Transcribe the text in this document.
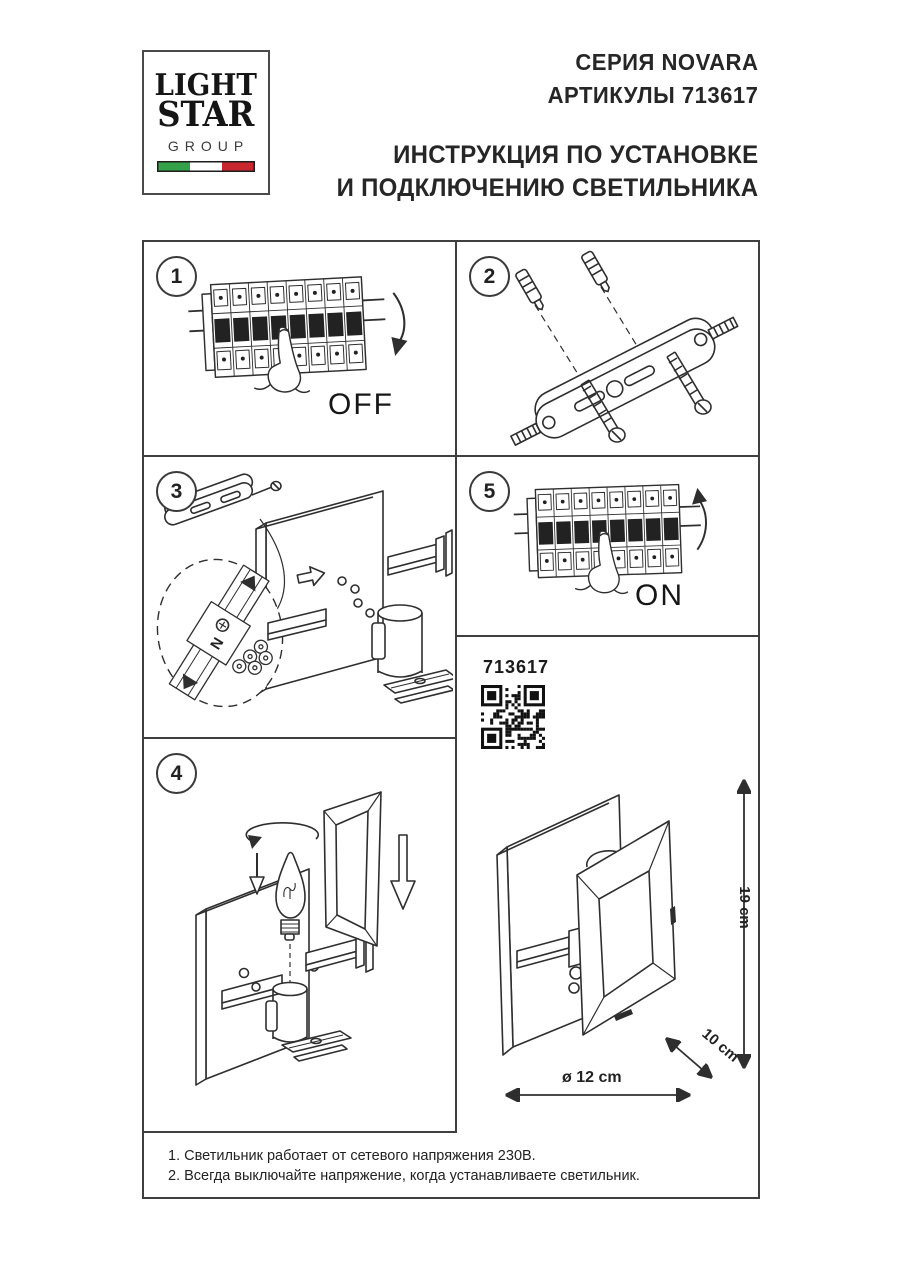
LIGHT
STAR
GROUP
СЕРИЯ NOVARA
АРТИКУЛЫ 713617
ИНСТРУКЦИЯ ПО УСТАНОВКЕ
И ПОДКЛЮЧЕНИЮ СВЕТИЛЬНИКА
1
OFF
2
3
N
5
ON
4
713617
19 cm
10 cm
ø 12 cm
1. Светильник работает от сетевого напряжения 230В.
2. Всегда выключайте напряжение, когда устанавливаете светильник.
